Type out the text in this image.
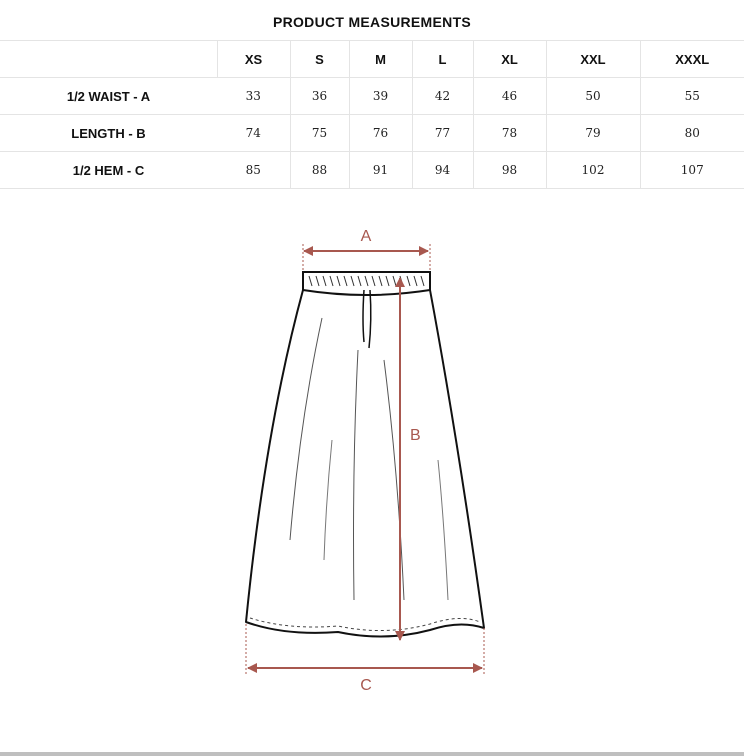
PRODUCT MEASUREMENTS
	XS	S	M	L	XL	XXL	XXXL
1/2 WAIST - A	33	36	39	42	46	50	55
LENGTH - B	74	75	76	77	78	79	80
1/2 HEM - C	85	88	91	94	98	102	107
A
B
C
